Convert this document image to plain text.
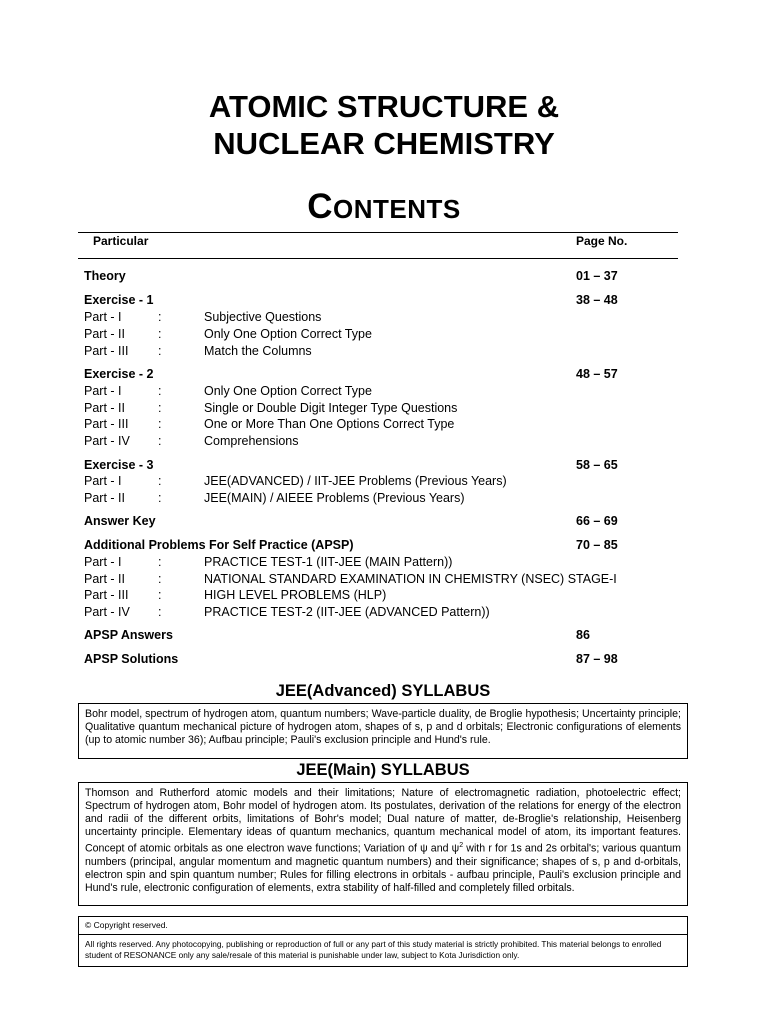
ATOMIC STRUCTURE &
NUCLEAR CHEMISTRY
CONTENTS
Particular	Page No.
Theory	01 – 37
Exercise - 1	38 – 48
Part - I	:	Subjective Questions
Part - II	:	Only One Option Correct Type
Part - III :	Match the Columns
Exercise - 2	48 – 57
Part - I	:	Only One Option Correct Type
Part - II	:	Single or Double Digit Integer Type Questions
Part - III :	One or More Than One Options Correct Type
Part - IV :	Comprehensions
Exercise - 3	58 – 65
Part - I	:	JEE(ADVANCED) / IIT-JEE Problems (Previous Years)
Part - II	:	JEE(MAIN) / AIEEE Problems (Previous Years)
Answer Key	66 – 69
Additional Problems For Self Practice (APSP)	70 – 85
Part - I	:	PRACTICE TEST-1 (IIT-JEE (MAIN Pattern))
Part - II	:	NATIONAL STANDARD EXAMINATION IN CHEMISTRY (NSEC) STAGE-I
Part - III :	HIGH LEVEL PROBLEMS (HLP)
Part - IV :	PRACTICE TEST-2 (IIT-JEE (ADVANCED Pattern))
APSP Answers	86
APSP Solutions	87 – 98
JEE(Advanced) SYLLABUS
Bohr model, spectrum of hydrogen atom, quantum numbers; Wave-particle duality, de Broglie hypothesis; Uncertainty principle; Qualitative quantum mechanical picture of hydrogen atom, shapes of s, p and d orbitals; Electronic configurations of elements (up to atomic number 36); Aufbau principle; Pauli's exclusion principle and Hund's rule.
JEE(Main) SYLLABUS
Thomson and Rutherford atomic models and their limitations; Nature of electromagnetic radiation, photoelectric effect; Spectrum of hydrogen atom, Bohr model of hydrogen atom. Its postulates, derivation of the relations for energy of the electron and radii of the different orbits, limitations of Bohr's model; Dual nature of matter, de-Broglie's relationship, Heisenberg uncertainty principle. Elementary ideas of quantum mechanics, quantum mechanical model of atom, its important features. Concept of atomic orbitals as one electron wave functions; Variation of ψ and $\psi^2$ with r for 1s and 2s orbital's; various quantum numbers (principal, angular momentum and magnetic quantum numbers) and their significance; shapes of s, p and d-orbitals, electron spin and spin quantum number; Rules for filling electrons in orbitals - aufbau principle, Pauli's exclusion principle and Hund's rule, electronic configuration of elements, extra stability of half-filled and completely filled orbitals.
© Copyright reserved.
All rights reserved. Any photocopying, publishing or reproduction of full or any part of this study material is strictly prohibited. This material belongs to enrolled student of RESONANCE only any sale/resale of this material is punishable under law, subject to Kota Jurisdiction only.
